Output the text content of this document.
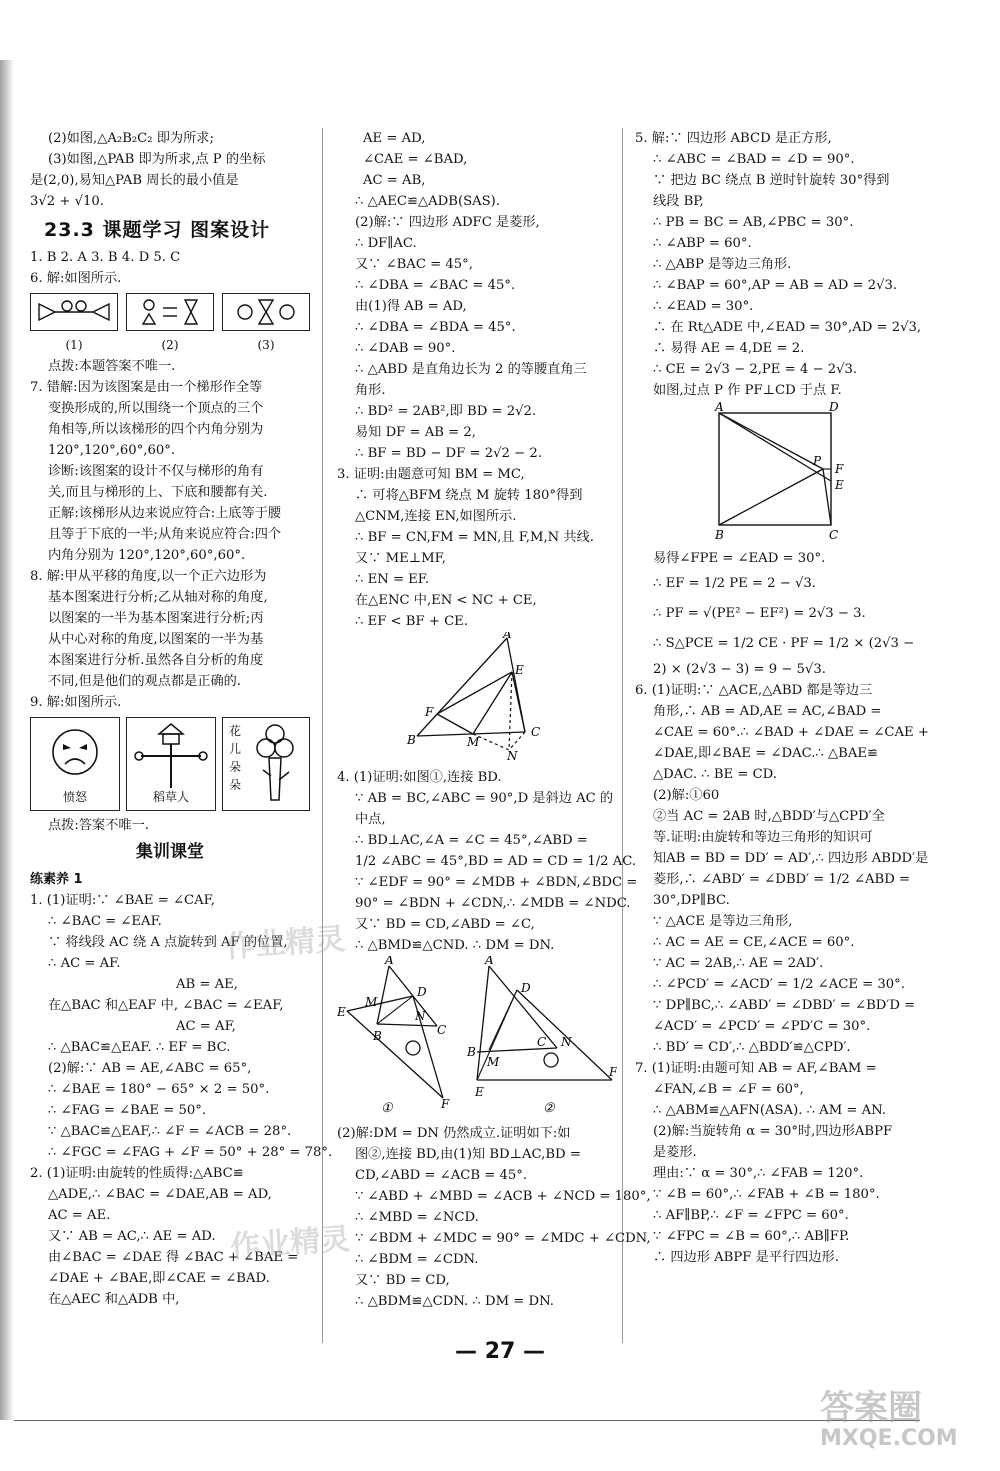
(2)如图,△A₂B₂C₂ 即为所求;
(3)如图,△PAB 即为所求,点 P 的坐标
是(2,0),易知△PAB 周长的最小值是
3√2 + √10.
23.3 课题学习 图案设计
1. B 2. A 3. B 4. D 5. C
6. 解:如图所示.
(1)	(2)	(3)
点拨:本题答案不唯一.
7. 错解:因为该图案是由一个梯形作全等
变换形成的,所以围绕一个顶点的三个
角相等,所以该梯形的四个内角分别为
120°,120°,60°,60°.
诊断:该图案的设计不仅与梯形的角有
关,而且与梯形的上、下底和腰都有关.
正解:该梯形从边来说应符合:上底等于腰
且等于下底的一半;从角来说应符合:四个
内角分别为 120°,120°,60°,60°.
8. 解:甲从平移的角度,以一个正六边形为
基本图案进行分析;乙从轴对称的角度,
以图案的一半为基本图案进行分析;丙
从中心对称的角度,以图案的一半为基
本图案进行分析.虽然各自分析的角度
不同,但是他们的观点都是正确的.
9. 解:如图所示.
愤怒	稻草人
花儿朵朵
点拨:答案不唯一.
集训课堂
练素养 1
1. (1)证明:∵ ∠BAE = ∠CAF,
∴ ∠BAC = ∠EAF.
∵ 将线段 AC 绕 A 点旋转到 AF 的位置,
∴ AC = AF.
AB = AE,
在△BAC 和△EAF 中, ∠BAC = ∠EAF,
AC = AF,
∴ △BAC≌△EAF. ∴ EF = BC.
(2)解:∵ AB = AE,∠ABC = 65°,
∴ ∠BAE = 180° − 65° × 2 = 50°.
∴ ∠FAG = ∠BAE = 50°.
∵ △BAC≌△EAF,∴ ∠F = ∠ACB = 28°.
∴ ∠FGC = ∠FAG + ∠F = 50° + 28° = 78°.
2. (1)证明:由旋转的性质得:△ABC≌
△ADE,∴ ∠BAC = ∠DAE,AB = AD,
AC = AE.
又∵ AB = AC,∴ AE = AD.
由∠BAC = ∠DAE 得 ∠BAC + ∠BAE =
∠DAE + ∠BAE,即∠CAE = ∠BAD.
在△AEC 和△ADB 中,
AE = AD,
∠CAE = ∠BAD,
AC = AB,
∴ △AEC≌△ADB(SAS).
(2)解:∵ 四边形 ADFC 是菱形,
∴ DF∥AC.
又∵ ∠BAC = 45°,
∴ ∠DBA = ∠BAC = 45°.
由(1)得 AB = AD,
∴ ∠DBA = ∠BDA = 45°.
∴ ∠DAB = 90°.
∴ △ABD 是直角边长为 2 的等腰直角三
角形.
∴ BD² = 2AB²,即 BD = 2√2.
易知 DF = AB = 2,
∴ BF = BD − DF = 2√2 − 2.
3. 证明:由题意可知 BM = MC,
∴ 可将△BFM 绕点 M 旋转 180°得到
△CNM,连接 EN,如图所示.
∴ BF = CN,FM = MN,且 F,M,N 共线.
又∵ ME⊥MF,
∴ EN = EF.
在△ENC 中,EN < NC + CE,
∴ EF < BF + CE.
A
E
F
B	M
C
N
4. (1)证明:如图①,连接 BD.
∵ AB = BC,∠ABC = 90°,D 是斜边 AC 的
中点,
∴ BD⊥AC,∠A = ∠C = 45°,∠ABD =
1/2 ∠ABC = 45°,BD = AD = CD = 1/2 AC.
∵ ∠EDF = 90° = ∠MDB + ∠BDN,∠BDC =
90° = ∠BDN + ∠CDN,∴ ∠MDB = ∠NDC.
又∵ BD = CD,∠ABD = ∠C,
∴ △BMD≌△CND. ∴ DM = DN.
A
M
D
E
C
B
N
F
①
A
D
B
M
C N
E
F
②
(2)解:DM = DN 仍然成立.证明如下:如
图②,连接 BD,由(1)知 BD⊥AC,BD =
CD,∠ABD = ∠ACB = 45°.
∵ ∠ABD + ∠MBD = ∠ACB + ∠NCD = 180°,
∴ ∠MBD = ∠NCD.
∵ ∠BDM + ∠MDC = 90° = ∠MDC + ∠CDN,
∴ ∠BDM = ∠CDN.
又∵ BD = CD,
∴ △BDM≌△CDN. ∴ DM = DN.
5. 解:∵ 四边形 ABCD 是正方形,
∴ ∠ABC = ∠BAD = ∠D = 90°.
∵ 把边 BC 绕点 B 逆时针旋转 30°得到
线段 BP,
∴ PB = BC = AB,∠PBC = 30°.
∴ ∠ABP = 60°.
∴ △ABP 是等边三角形.
∴ ∠BAP = 60°,AP = AB = AD = 2√3.
∴ ∠EAD = 30°.
∴ 在 Rt△ADE 中,∠EAD = 30°,AD = 2√3,
∴ 易得 AE = 4,DE = 2.
∴ CE = 2√3 − 2,PE = 4 − 2√3.
如图,过点 P 作 PF⊥CD 于点 F.
A	D
B	C
P
F
E
易得∠FPE = ∠EAD = 30°.
∴ EF = 1/2 PE = 2 − √3.
∴ PF = √(PE² − EF²) = 2√3 − 3.
∴ S△PCE = 1/2 CE · PF = 1/2 × (2√3 −
2) × (2√3 − 3) = 9 − 5√3.
6. (1)证明:∵ △ACE,△ABD 都是等边三
角形,∴ AB = AD,AE = AC,∠BAD =
∠CAE = 60°.∴ ∠BAD + ∠DAE = ∠CAE +
∠DAE,即∠BAE = ∠DAC.∴ △BAE≌
△DAC. ∴ BE = CD.
(2)解:①60
②当 AC = 2AB 时,△BDD′与△CPD′全
等.证明:由旋转和等边三角形的知识可
知AB = BD = DD′ = AD′,∴ 四边形 ABDD′是
菱形,∴ ∠ABD′ = ∠DBD′ = 1/2 ∠ABD =
30°,DP∥BC.
∵ △ACE 是等边三角形,
∴ AC = AE = CE,∠ACE = 60°.
∵ AC = 2AB,∴ AE = 2AD′.
∴ ∠PCD′ = ∠ACD′ = 1/2 ∠ACE = 30°.
∵ DP∥BC,∴ ∠ABD′ = ∠DBD′ = ∠BD′D =
∠ACD′ = ∠PCD′ = ∠PD′C = 30°.
∴ BD′ = CD′,∴ △BDD′≌△CPD′.
7. (1)证明:由题可知 AB = AF,∠BAM =
∠FAN,∠B = ∠F = 60°,
∴ △ABM≌△AFN(ASA). ∴ AM = AN.
(2)解:当旋转角 α = 30°时,四边形ABPF
是菱形.
理由:∵ α = 30°,∴ ∠FAB = 120°.
∵ ∠B = 60°,∴ ∠FAB + ∠B = 180°.
∴ AF∥BP,∴ ∠F = ∠FPC = 60°.
∵ ∠FPC = ∠B = 60°,∴ AB∥FP.
∴ 四边形 ABPF 是平行四边形.
— 27 —
作业精灵
作业精灵
答案圈
MXQE.COM
